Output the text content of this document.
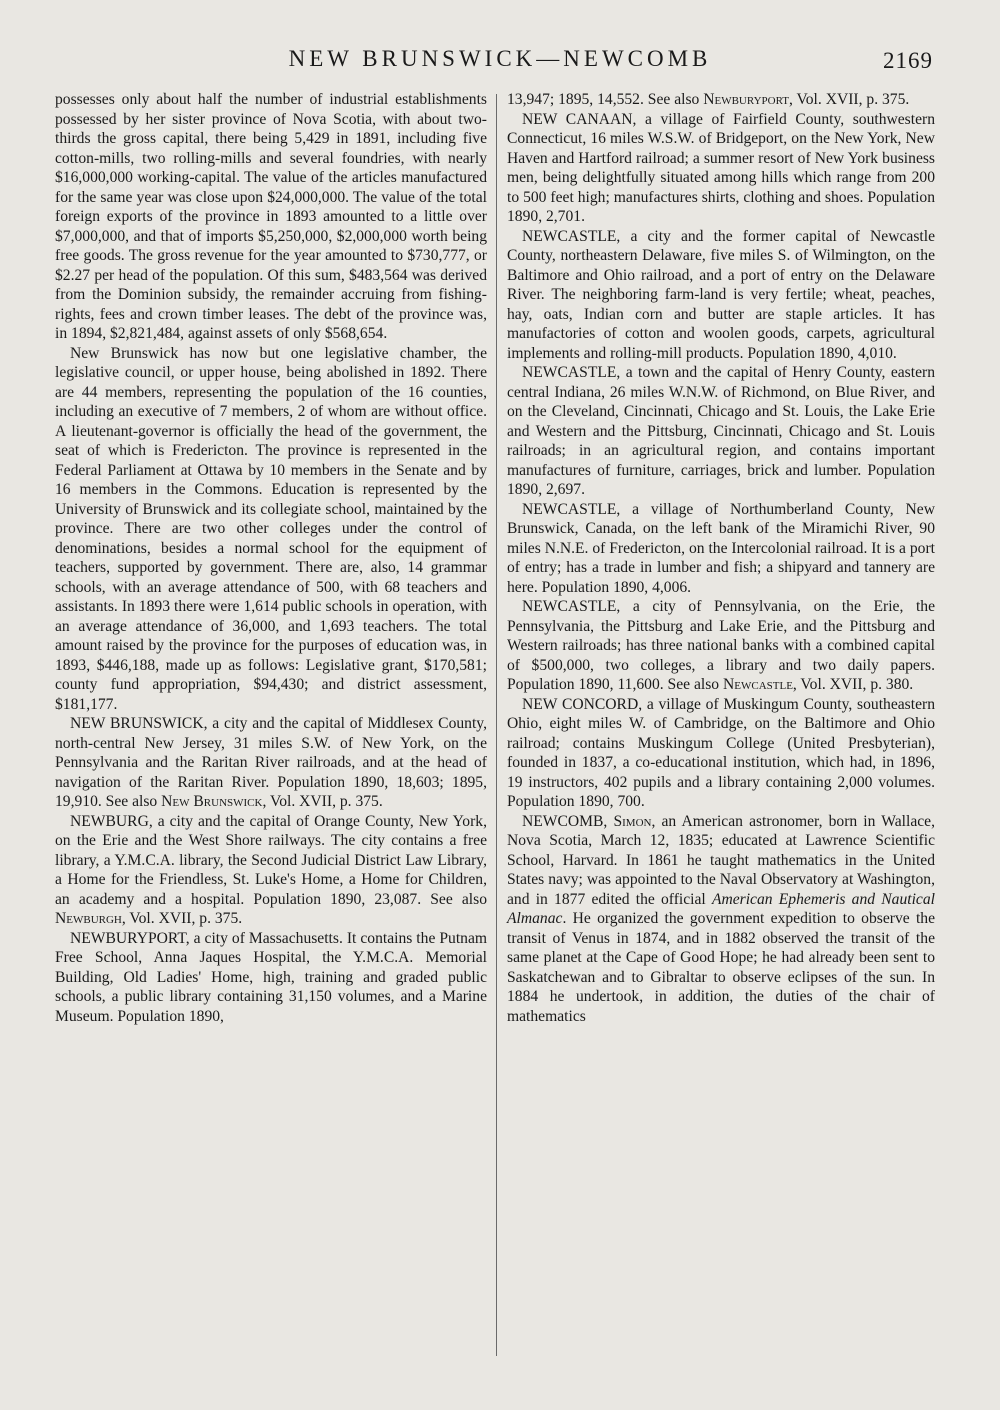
NEW BRUNSWICK—NEWCOMB	2169

possesses only about half the number of industrial establishments possessed by her sister province of Nova Scotia, with about two-thirds the gross capital, there being 5,429 in 1891, including five cotton-mills, two rolling-mills and several foundries, with nearly $16,000,000 working-capital. The value of the articles manufactured for the same year was close upon $24,000,000. The value of the total foreign exports of the province in 1893 amounted to a little over $7,000,000, and that of imports $5,250,000, $2,000,000 worth being free goods. The gross revenue for the year amounted to $730,777, or $2.27 per head of the population. Of this sum, $483,564 was derived from the Dominion subsidy, the remainder accruing from fishing-rights, fees and crown timber leases. The debt of the province was, in 1894, $2,821,484, against assets of only $568,654.

New Brunswick has now but one legislative chamber, the legislative council, or upper house, being abolished in 1892. There are 44 members, representing the population of the 16 counties, including an executive of 7 members, 2 of whom are without office. A lieutenant-governor is officially the head of the government, the seat of which is Fredericton. The province is represented in the Federal Parliament at Ottawa by 10 members in the Senate and by 16 members in the Commons. Education is represented by the University of Brunswick and its collegiate school, maintained by the province. There are two other colleges under the control of denominations, besides a normal school for the equipment of teachers, supported by government. There are, also, 14 grammar schools, with an average attendance of 500, with 68 teachers and assistants. In 1893 there were 1,614 public schools in operation, with an average attendance of 36,000, and 1,693 teachers. The total amount raised by the province for the purposes of education was, in 1893, $446,188, made up as follows: Legislative grant, $170,581; county fund appropriation, $94,430; and district assessment, $181,177.

NEW BRUNSWICK, a city and the capital of Middlesex County, north-central New Jersey, 31 miles S.W. of New York, on the Pennsylvania and the Raritan River railroads, and at the head of navigation of the Raritan River. Population 1890, 18,603; 1895, 19,910. See also New Brunswick, Vol. XVII, p. 375.

NEWBURG, a city and the capital of Orange County, New York, on the Erie and the West Shore railways. The city contains a free library, a Y.M.C.A. library, the Second Judicial District Law Library, a Home for the Friendless, St. Luke's Home, a Home for Children, an academy and a hospital. Population 1890, 23,087. See also Newburgh, Vol. XVII, p. 375.

NEWBURYPORT, a city of Massachusetts. It contains the Putnam Free School, Anna Jaques Hospital, the Y.M.C.A. Memorial Building, Old Ladies' Home, high, training and graded public schools, a public library containing 31,150 volumes, and a Marine Museum. Population 1890,

13,947; 1895, 14,552. See also Newburyport, Vol. XVII, p. 375.

NEW CANAAN, a village of Fairfield County, southwestern Connecticut, 16 miles W.S.W. of Bridgeport, on the New York, New Haven and Hartford railroad; a summer resort of New York business men, being delightfully situated among hills which range from 200 to 500 feet high; manufactures shirts, clothing and shoes. Population 1890, 2,701.

NEWCASTLE, a city and the former capital of Newcastle County, northeastern Delaware, five miles S. of Wilmington, on the Baltimore and Ohio railroad, and a port of entry on the Delaware River. The neighboring farm-land is very fertile; wheat, peaches, hay, oats, Indian corn and butter are staple articles. It has manufactories of cotton and woolen goods, carpets, agricultural implements and rolling-mill products. Population 1890, 4,010.

NEWCASTLE, a town and the capital of Henry County, eastern central Indiana, 26 miles W.N.W. of Richmond, on Blue River, and on the Cleveland, Cincinnati, Chicago and St. Louis, the Lake Erie and Western and the Pittsburg, Cincinnati, Chicago and St. Louis railroads; in an agricultural region, and contains important manufactures of furniture, carriages, brick and lumber. Population 1890, 2,697.

NEWCASTLE, a village of Northumberland County, New Brunswick, Canada, on the left bank of the Miramichi River, 90 miles N.N.E. of Fredericton, on the Intercolonial railroad. It is a port of entry; has a trade in lumber and fish; a shipyard and tannery are here. Population 1890, 4,006.

NEWCASTLE, a city of Pennsylvania, on the Erie, the Pennsylvania, the Pittsburg and Lake Erie, and the Pittsburg and Western railroads; has three national banks with a combined capital of $500,000, two colleges, a library and two daily papers. Population 1890, 11,600. See also Newcastle, Vol. XVII, p. 380.

NEW CONCORD, a village of Muskingum County, southeastern Ohio, eight miles W. of Cambridge, on the Baltimore and Ohio railroad; contains Muskingum College (United Presbyterian), founded in 1837, a co-educational institution, which had, in 1896, 19 instructors, 402 pupils and a library containing 2,000 volumes. Population 1890, 700.

NEWCOMB, Simon, an American astronomer, born in Wallace, Nova Scotia, March 12, 1835; educated at Lawrence Scientific School, Harvard. In 1861 he taught mathematics in the United States navy; was appointed to the Naval Observatory at Washington, and in 1877 edited the official American Ephemeris and Nautical Almanac. He organized the government expedition to observe the transit of Venus in 1874, and in 1882 observed the transit of the same planet at the Cape of Good Hope; he had already been sent to Saskatchewan and to Gibraltar to observe eclipses of the sun. In 1884 he undertook, in addition, the duties of the chair of mathematics
